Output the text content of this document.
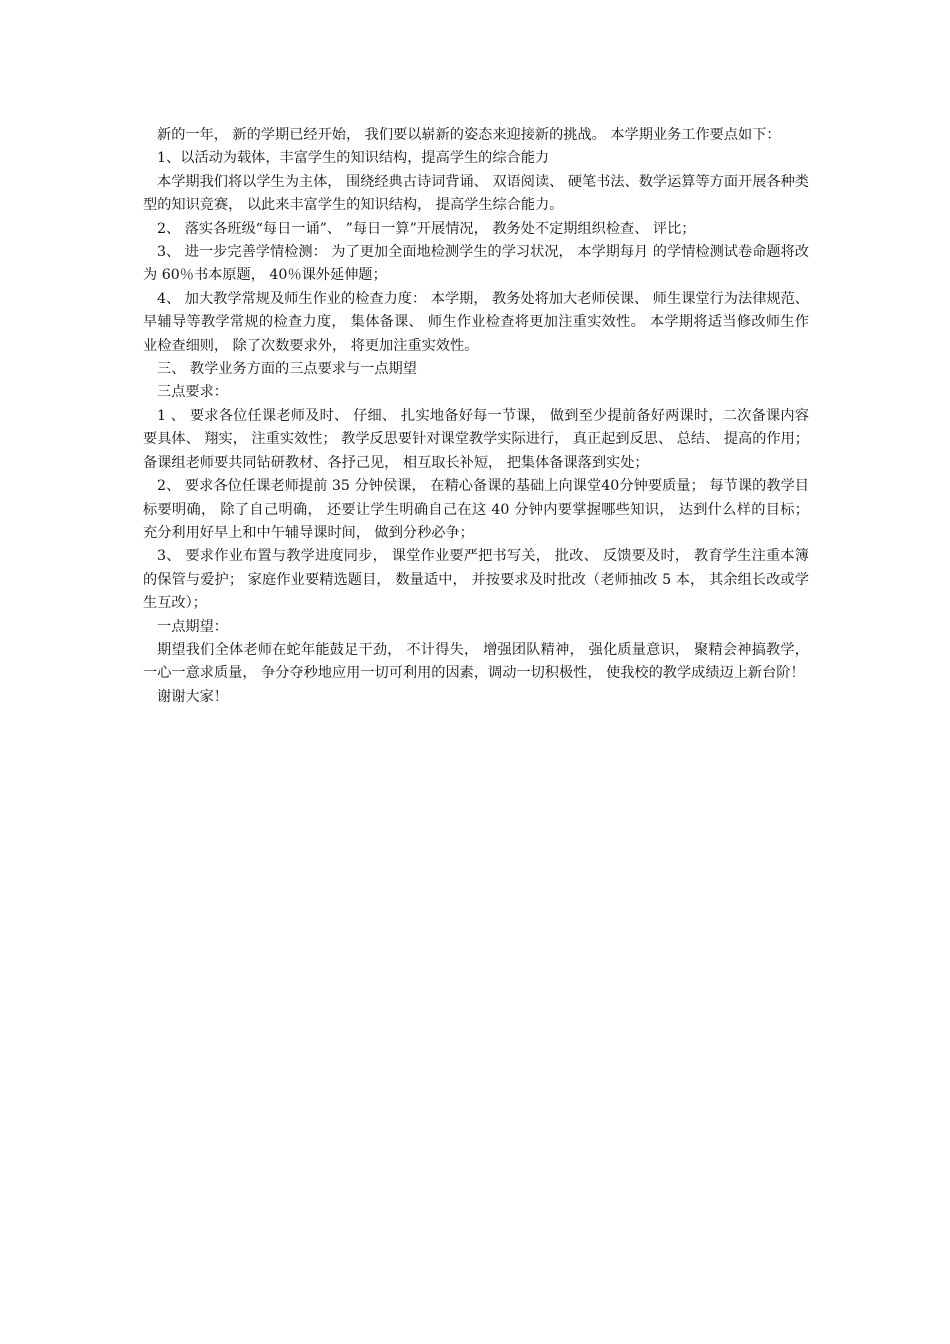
新的一年， 新的学期已经开始， 我们要以崭新的姿态来迎接新的挑战。 本学期业务工作要点如下：

1、以活动为载体，丰富学生的知识结构，提高学生的综合能力

本学期我们将以学生为主体， 围绕经典古诗词背诵、 双语阅读、 硬笔书法、数学运算等方面开展各种类型的知识竞赛， 以此来丰富学生的知识结构， 提高学生综合能力。

2、 落实各班级“每日一诵”、 ”每日一算”开展情况， 教务处不定期组织检查、 评比；

3、 进一步完善学情检测： 为了更加全面地检测学生的学习状况， 本学期每月 的学情检测试卷命题将改为 60％书本原题， 40％课外延伸题；

4、 加大教学常规及师生作业的检查力度： 本学期， 教务处将加大老师侯课、 师生课堂行为法律规范、 早辅导等教学常规的检查力度， 集体备课、 师生作业检查将更加注重实效性。 本学期将适当修改师生作业检查细则， 除了次数要求外， 将更加注重实效性。

三、 教学业务方面的三点要求与一点期望

三点要求：

1 、 要求各位任课老师及时、 仔细、 扎实地备好每一节课， 做到至少提前备好两课时，二次备课内容要具体、 翔实， 注重实效性； 教学反思要针对课堂教学实际进行， 真正起到反思、 总结、 提高的作用； 备课组老师要共同钻研教材、各抒己见， 相互取长补短， 把集体备课落到实处；

2、 要求各位任课老师提前 35 分钟侯课， 在精心备课的基础上向课堂40分钟要质量； 每节课的教学目标要明确， 除了自己明确， 还要让学生明确自己在这 40 分钟内要掌握哪些知识， 达到什么样的目标； 充分利用好早上和中午辅导课时间， 做到分秒必争；

3、 要求作业布置与教学进度同步， 课堂作业要严把书写关， 批改、 反馈要及时， 教育学生注重本簿的保管与爱护； 家庭作业要精选题目， 数量适中， 并按要求及时批改（老师抽改 5 本， 其余组长改或学生互改）；

一点期望：

期望我们全体老师在蛇年能鼓足干劲， 不计得失， 增强团队精神， 强化质量意识， 聚精会神搞教学， 一心一意求质量， 争分夺秒地应用一切可利用的因素，调动一切积极性， 使我校的教学成绩迈上新台阶！

谢谢大家！
